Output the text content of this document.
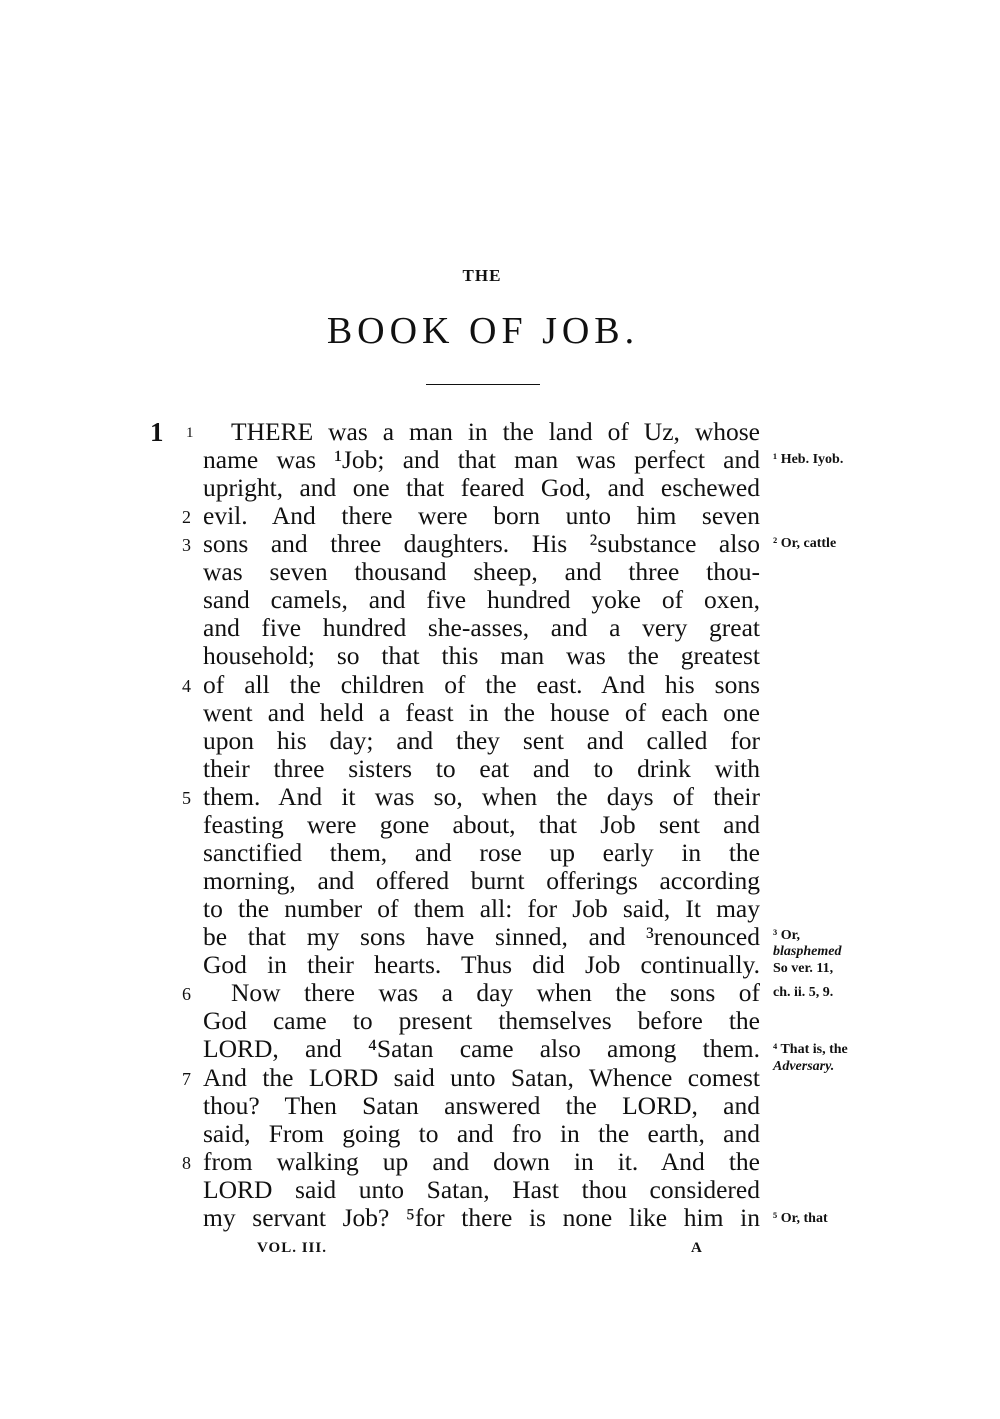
THE
BOOK OF JOB.
1 1
2
3
4
5
6
7
8
THERE was a man in the land of Uz, whose
name was ¹Job; and that man was perfect and
upright, and one that feared God, and eschewed
evil. And there were born unto him seven
sons and three daughters. His ²substance also
was seven thousand sheep, and three thou-
sand camels, and five hundred yoke of oxen,
and five hundred she-asses, and a very great
household; so that this man was the greatest
of all the children of the east. And his sons
went and held a feast in the house of each one
upon his day; and they sent and called for
their three sisters to eat and to drink with
them. And it was so, when the days of their
feasting were gone about, that Job sent and
sanctified them, and rose up early in the
morning, and offered burnt offerings according
to the number of them all: for Job said, It may
be that my sons have sinned, and ³renounced
God in their hearts. Thus did Job continually.
Now there was a day when the sons of
God came to present themselves before the
LORD, and ⁴Satan came also among them.
And the LORD said unto Satan, Whence comest
thou? Then Satan answered the LORD, and
said, From going to and fro in the earth, and
from walking up and down in it. And the
LORD said unto Satan, Hast thou considered
my servant Job? ⁵for there is none like him in
¹ Heb. Iyob.
² Or, cattle
³ Or,
blasphemed
So ver. 11,
ch. ii. 5, 9.
⁴ That is, the
Adversary.
⁵ Or, that
VOL. III.	A
